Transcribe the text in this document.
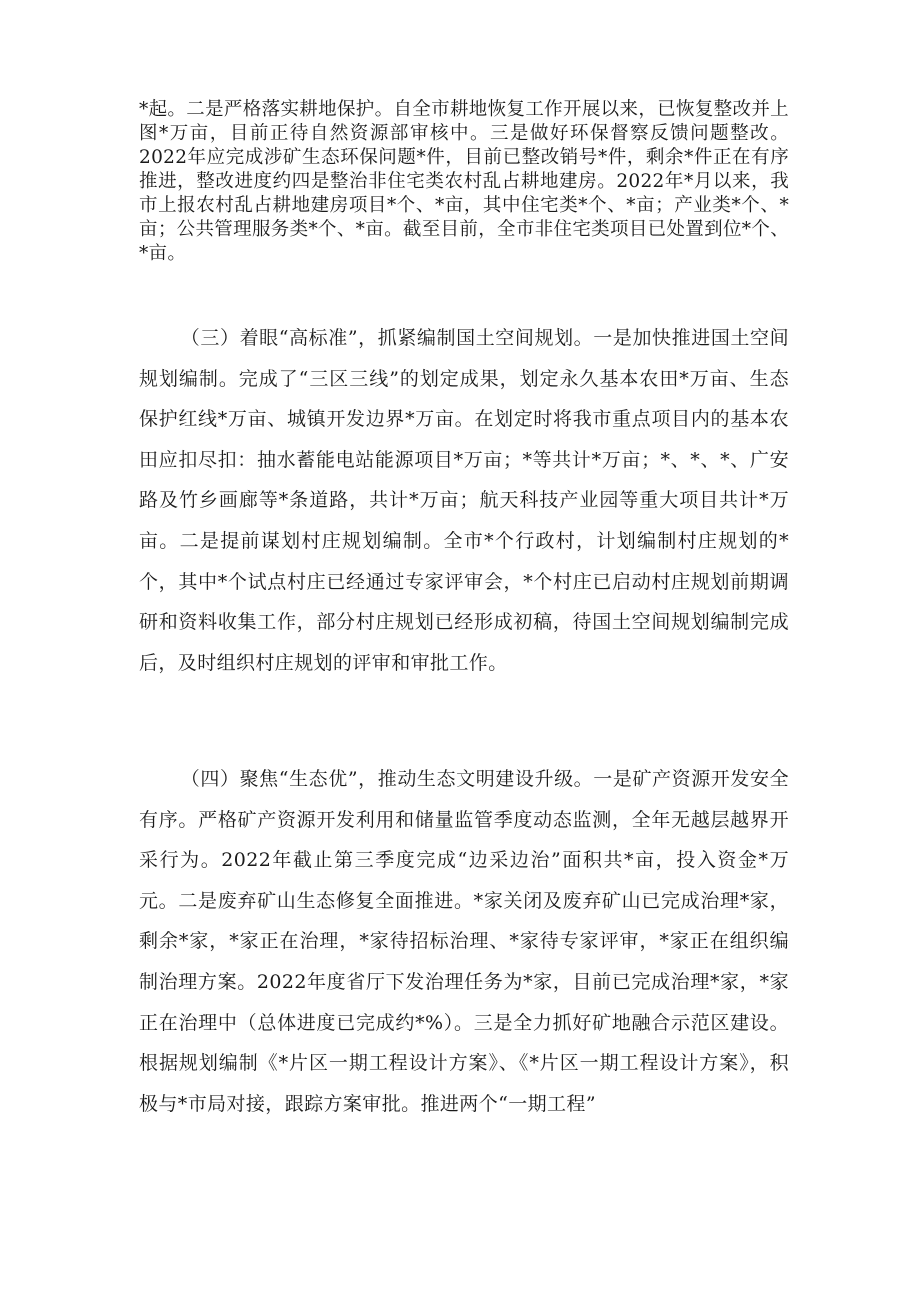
*起。二是严格落实耕地保护。自全市耕地恢复工作开展以来，已恢复整改并上图*万亩，目前正待自然资源部审核中。三是做好环保督察反馈问题整改。2022年应完成涉矿生态环保问题*件，目前已整改销号*件，剩余*件正在有序推进，整改进度约四是整治非住宅类农村乱占耕地建房。2022年*月以来，我市上报农村乱占耕地建房项目*个、*亩，其中住宅类*个、*亩；产业类*个、*亩；公共管理服务类*个、*亩。截至目前，全市非住宅类项目已处置到位*个、*亩。

（三）着眼“高标准”，抓紧编制国土空间规划。一是加快推进国土空间规划编制。完成了“三区三线”的划定成果，划定永久基本农田*万亩、生态保护红线*万亩、城镇开发边界*万亩。在划定时将我市重点项目内的基本农田应扣尽扣：抽水蓄能电站能源项目*万亩；*等共计*万亩；*、*、*、广安路及竹乡画廊等*条道路，共计*万亩；航天科技产业园等重大项目共计*万亩。二是提前谋划村庄规划编制。全市*个行政村，计划编制村庄规划的*个，其中*个试点村庄已经通过专家评审会，*个村庄已启动村庄规划前期调研和资料收集工作，部分村庄规划已经形成初稿，待国土空间规划编制完成后，及时组织村庄规划的评审和审批工作。

（四）聚焦“生态优”，推动生态文明建设升级。一是矿产资源开发安全有序。严格矿产资源开发利用和储量监管季度动态监测，全年无越层越界开采行为。2022年截止第三季度完成“边采边治”面积共*亩，投入资金*万元。二是废弃矿山生态修复全面推进。*家关闭及废弃矿山已完成治理*家，剩余*家，*家正在治理，*家待招标治理、*家待专家评审，*家正在组织编制治理方案。2022年度省厅下发治理任务为*家，目前已完成治理*家，*家正在治理中（总体进度已完成约*%）。三是全力抓好矿地融合示范区建设。根据规划编制《*片区一期工程设计方案》、《*片区一期工程设计方案》，积极与*市局对接，跟踪方案审批。推进两个“一期工程”
